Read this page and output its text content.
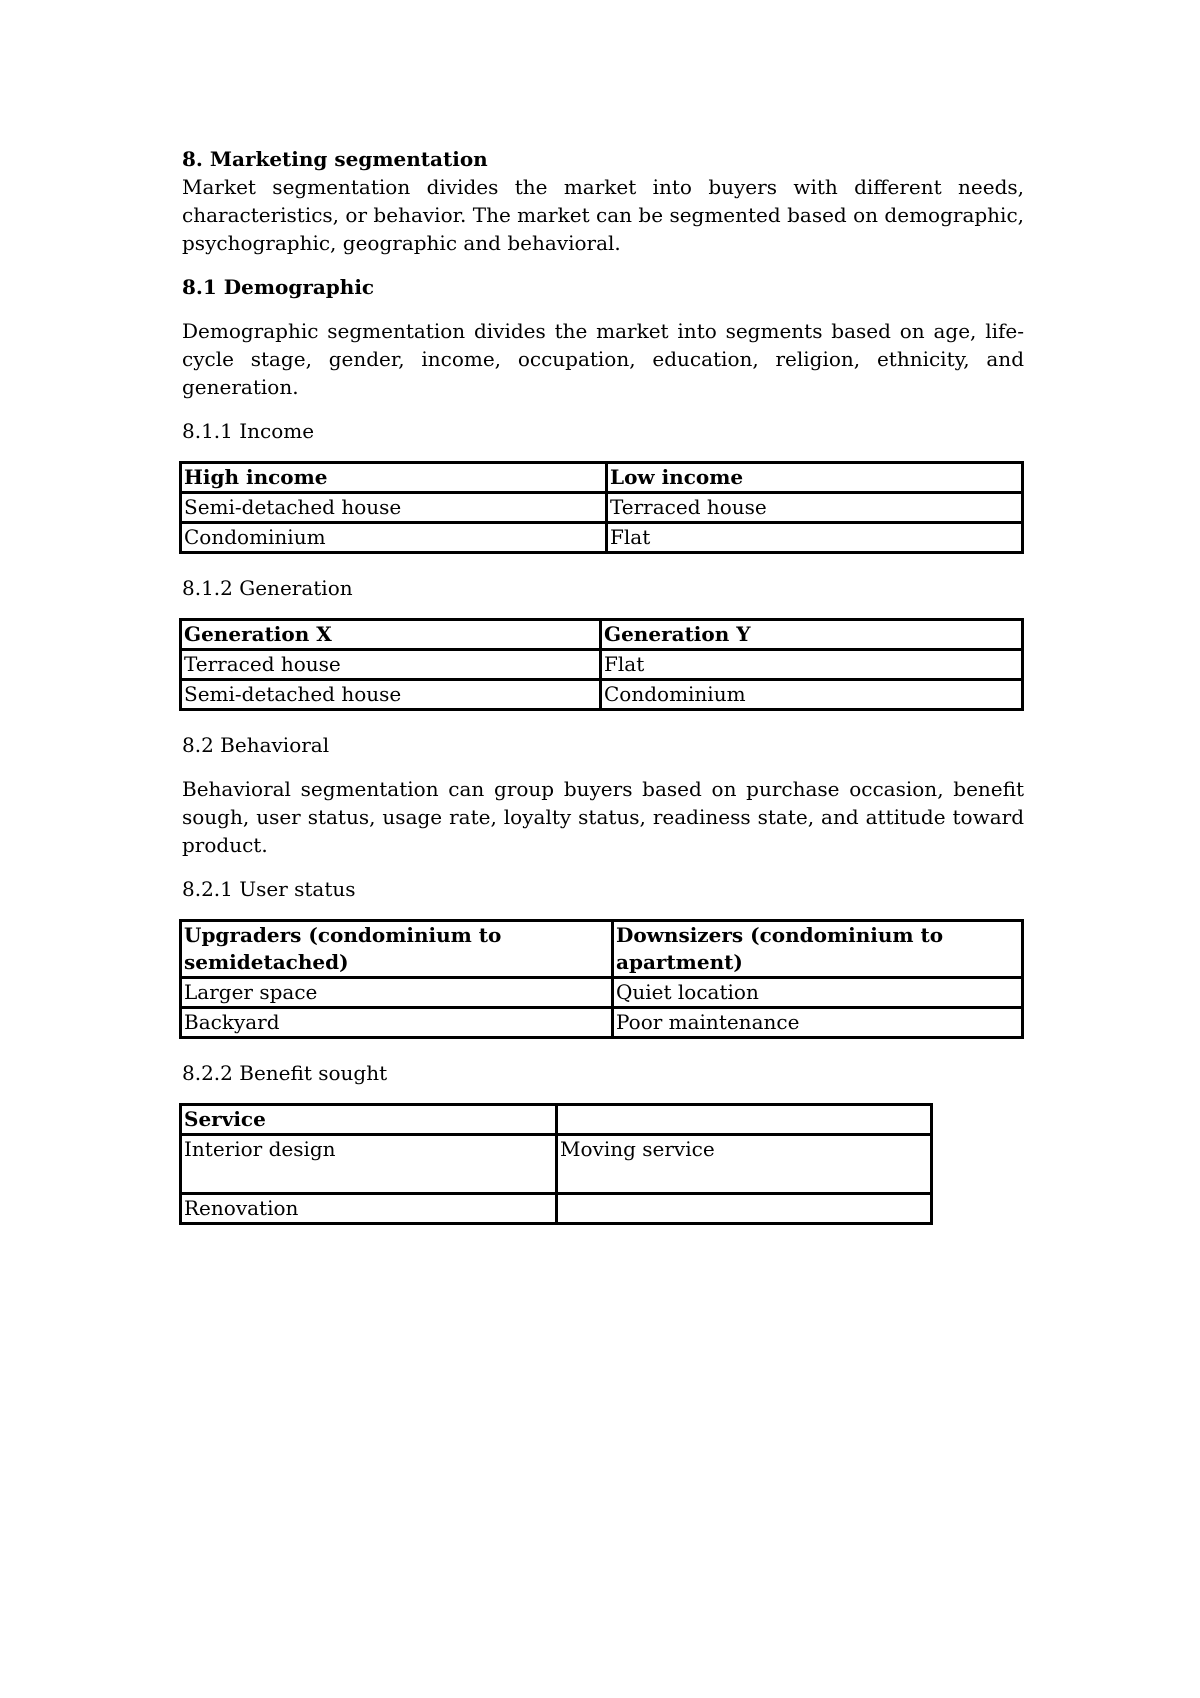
8. Marketing segmentation

Market segmentation divides the market into buyers with different needs, characteristics, or behavior. The market can be segmented based on demographic, psychographic, geographic and behavioral.

8.1 Demographic

Demographic segmentation divides the market into segments based on age, life-cycle stage, gender, income, occupation, education, religion, ethnicity, and generation.

8.1.1 Income

High income	Low income
Semi-detached house	Terraced house
Condominium	Flat

8.1.2 Generation

Generation X	Generation Y
Terraced house	Flat
Semi-detached house	Condominium

8.2 Behavioral

Behavioral segmentation can group buyers based on purchase occasion, benefit sough, user status, usage rate, loyalty status, readiness state, and attitude toward product.

8.2.1 User status

Upgraders (condominium to semidetached)	Downsizers (condominium to apartment)
Larger space	Quiet location
Backyard	Poor maintenance

8.2.2 Benefit sought

Service	
Interior design	Moving service
Renovation	
